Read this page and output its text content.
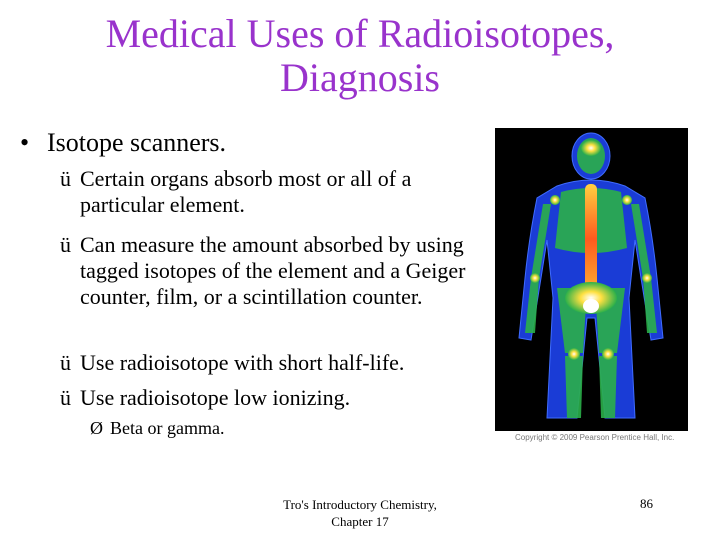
Medical Uses of Radioisotopes,
Diagnosis
• Isotope scanners.
ü Certain organs absorb most or all of a particular element.
ü Can measure the amount absorbed by using tagged isotopes of the element and a Geiger counter, film, or a scintillation counter.
ü Use radioisotope with short half-life.
ü Use radioisotope low ionizing.
Ø Beta or gamma.	Copyright © 2009 Pearson Prentice Hall, Inc.
Tro's Introductory Chemistry,
Chapter 17
86
